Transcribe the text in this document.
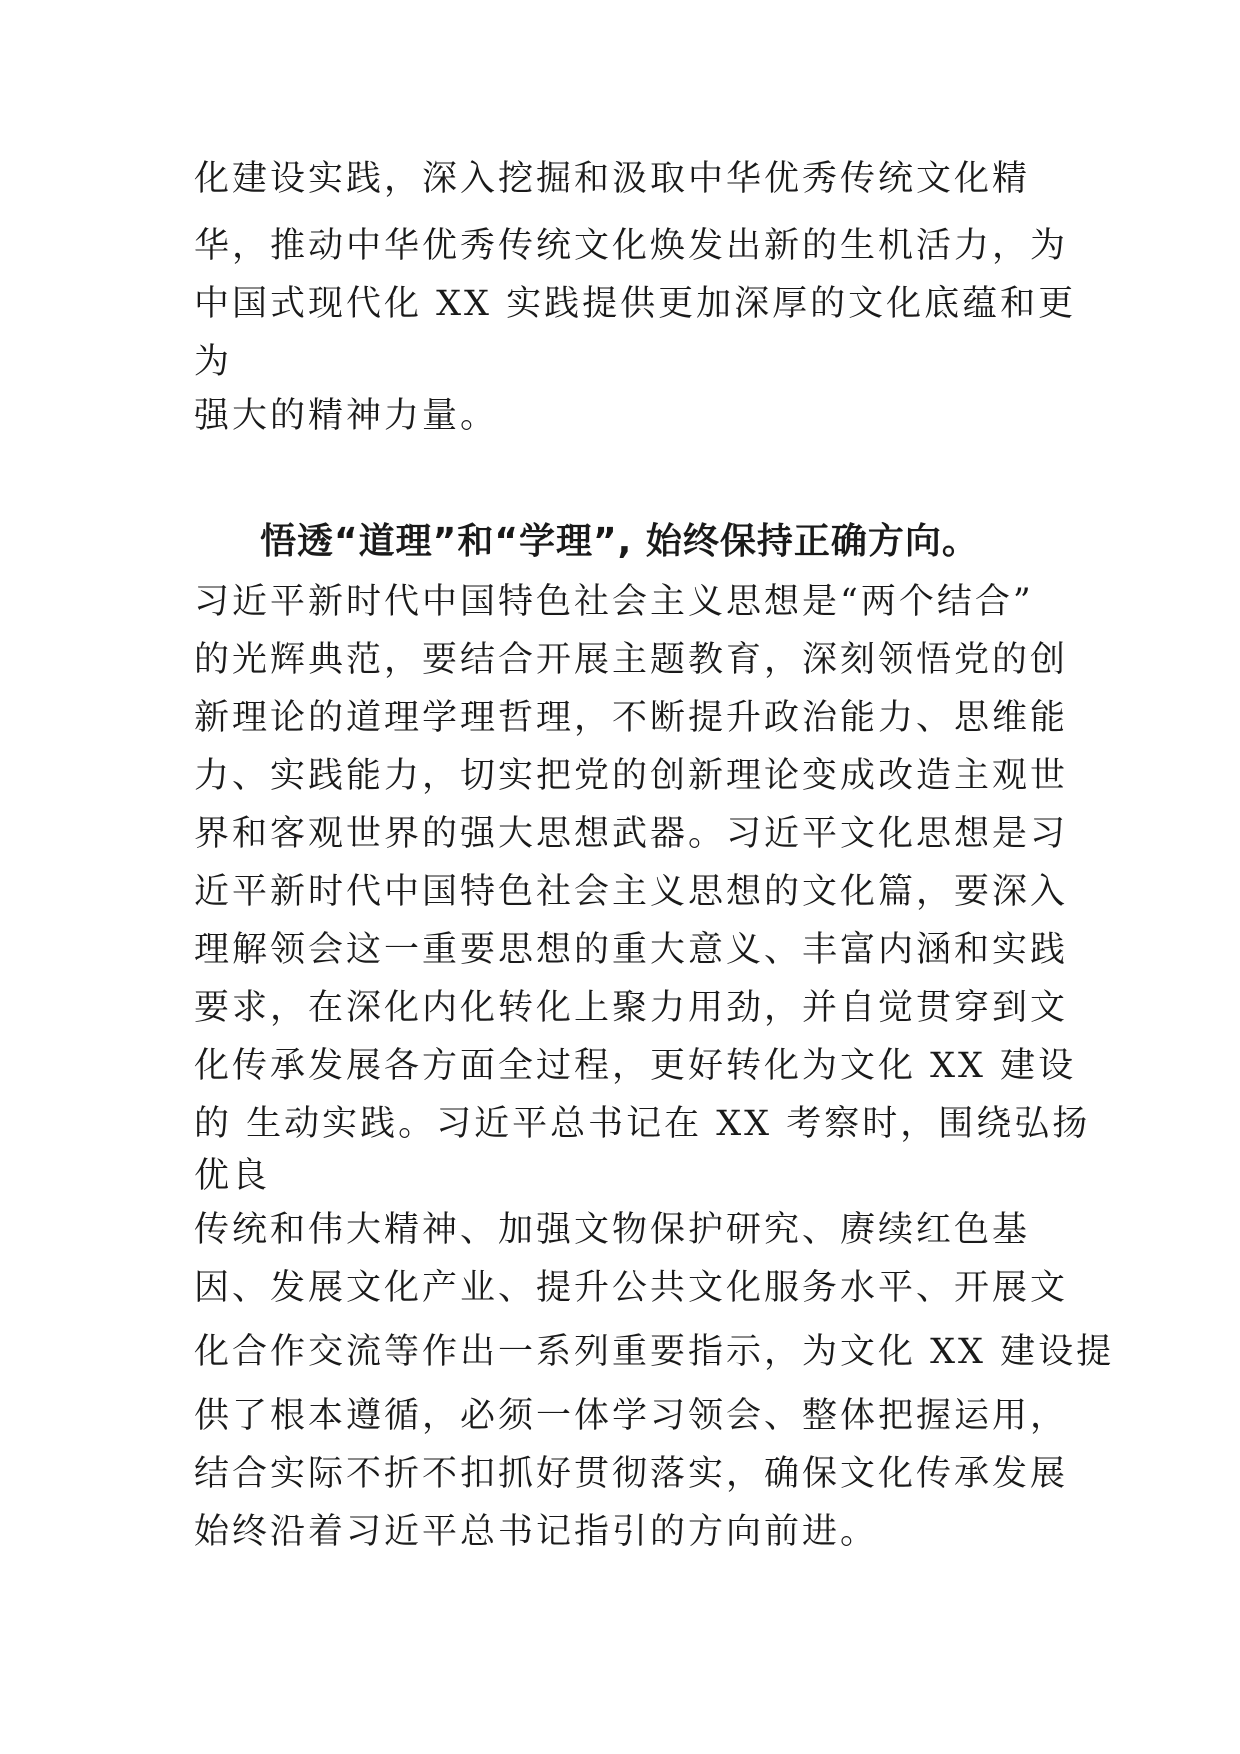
化建设实践，深入挖掘和汲取中华优秀传统文化精
华，推动中华优秀传统文化焕发出新的生机活力，为
中国式现代化 XX 实践提供更加深厚的文化底蕴和更
为
强大的精神力量。
悟透“道理”和“学理”, 始终保持正确方向。
习近平新时代中国特色社会主义思想是“两个结合”
的光辉典范，要结合开展主题教育，深刻领悟党的创
新理论的道理学理哲理，不断提升政治能力、思维能
力、实践能力，切实把党的创新理论变成改造主观世
界和客观世界的强大思想武器。习近平文化思想是习
近平新时代中国特色社会主义思想的文化篇，要深入
理解领会这一重要思想的重大意义、丰富内涵和实践
要求，在深化内化转化上聚力用劲，并自觉贯穿到文
化传承发展各方面全过程，更好转化为文化 XX 建设
的 生动实践。习近平总书记在 XX 考察时，围绕弘扬
优良
传统和伟大精神、加强文物保护研究、赓续红色基
因、发展文化产业、提升公共文化服务水平、开展文
化合作交流等作出一系列重要指示，为文化 XX 建设提
供了根本遵循，必须一体学习领会、整体把握运用，
结合实际不折不扣抓好贯彻落实，确保文化传承发展
始终沿着习近平总书记指引的方向前进。
